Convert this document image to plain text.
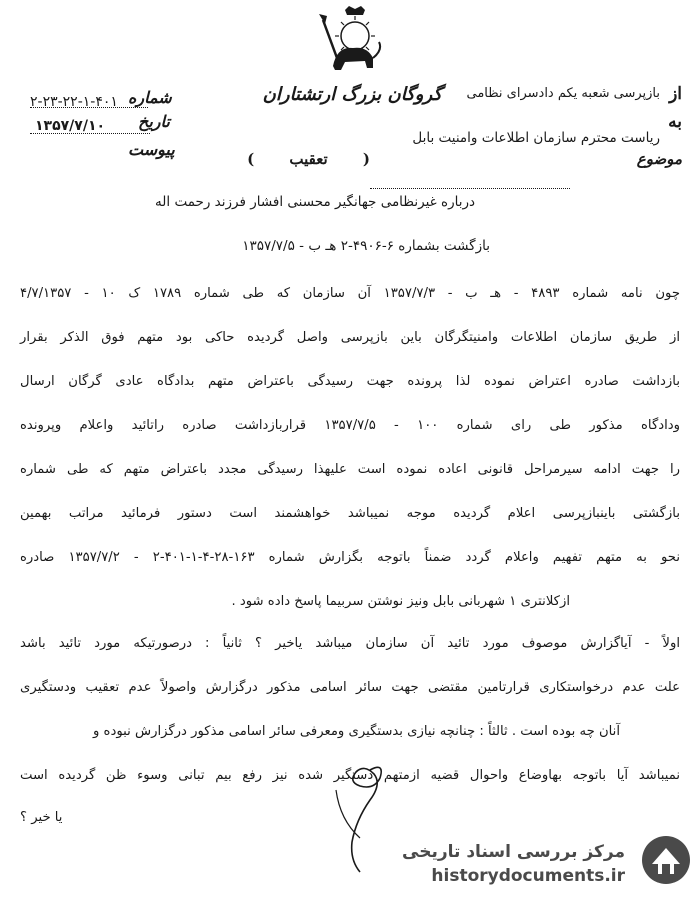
از
بازپرسی شعبه یکم دادسرای نظامی
گروگان بزرگ ارتشتاران
به
ریاست محترم سازمان اطلاعات وامنیت بابل
موضوع
( تعقیب )
شماره
۲-۲۳-۲۲-۱-۴۰۱
تاریخ
۱۳۵۷/۷/۱۰
پیوست
درباره غیرنظامی جهانگیر محسنی افشار فرزند رحمت اله
بازگشت بشماره ۶-۴۹۰۶-۲ هـ ب - ۱۳۵۷/۷/۵
چون نامه شماره ۴۸۹۳ - هـ ب - ۱۳۵۷/۷/۳ آن سازمان که طی شماره ۱۷۸۹ ک ۱۰ - ۴/۷/۱۳۵۷
از طریق سازمان اطلاعات وامنیتگرگان باین بازپرسی واصل گردیده حاکی بود متهم فوق الذکر بقرار
بازداشت صادره اعتراض نموده لذا پرونده جهت رسیدگی باعتراض متهم بدادگاه عادی گرگان ارسال
ودادگاه مذکور طی رای شماره ۱۰۰ - ۱۳۵۷/۷/۵ قراربازداشت صادره راتائید واعلام وپرونده
را جهت ادامه سیرمراحل قانونی اعاده نموده است علیهذا رسیدگی مجدد باعتراض متهم که طی شماره
بازگشتی باینبازپرسی اعلام گردیده موجه نمیباشد خواهشمند است دستور فرمائید مراتب بهمین
نحو به متهم تفهیم واعلام گردد ضمناً باتوجه بگزارش شماره ۱۶۳-۲۸-۴-۱-۴۰۱-۲ - ۱۳۵۷/۷/۲ صادره
ازکلانتری ۱ شهربانی بابل ونیز نوشتن سربیما پاسخ داده شود .
اولاً - آیاگزارش موصوف مورد تائید آن سازمان میباشد یاخیر ؟ ثانیاً : درصورتیکه مورد تائید باشد
علت عدم درخواستکاری قرارتامین مقتضی جهت سائر اسامی مذکور درگزارش واصولاً عدم تعقیب ودستگیری
آنان چه بوده است . ثالثاً : چنانچه نیازی بدستگیری ومعرفی سائر اسامی مذکور درگزارش نبوده و
نمیباشد آیا باتوجه بهاوضاع واحوال قضیه ازمتهم دستگیر شده نیز رفع بیم تبانی وسوء ظن گردیده است
یا خیر ؟
مرکز بررسی اسناد تاریخی
historydocuments.ir
